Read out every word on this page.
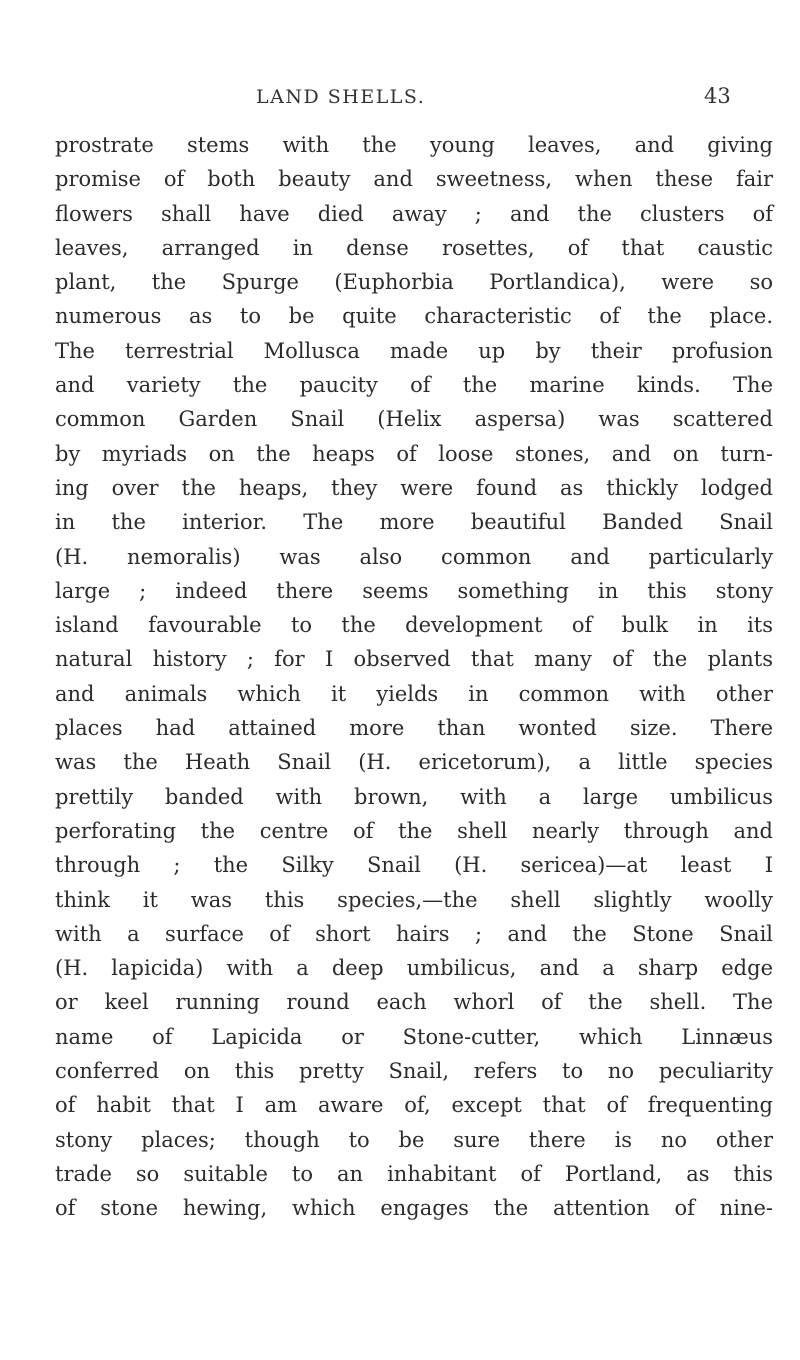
LAND SHELLS.	43
prostrate stems with the young leaves, and giving
promise of both beauty and sweetness, when these fair
flowers shall have died away ; and the clusters of
leaves, arranged in dense rosettes, of that caustic
plant, the Spurge (Euphorbia Portlandica), were so
numerous as to be quite characteristic of the place.
The terrestrial Mollusca made up by their profusion
and variety the paucity of the marine kinds. The
common Garden Snail (Helix aspersa) was scattered
by myriads on the heaps of loose stones, and on turn-
ing over the heaps, they were found as thickly lodged
in the interior. The more beautiful Banded Snail
(H. nemoralis) was also common and particularly
large ; indeed there seems something in this stony
island favourable to the development of bulk in its
natural history ; for I observed that many of the plants
and animals which it yields in common with other
places had attained more than wonted size. There
was the Heath Snail (H. ericetorum), a little species
prettily banded with brown, with a large umbilicus
perforating the centre of the shell nearly through and
through ; the Silky Snail (H. sericea)—at least I
think it was this species,—the shell slightly woolly
with a surface of short hairs ; and the Stone Snail
(H. lapicida) with a deep umbilicus, and a sharp edge
or keel running round each whorl of the shell. The
name of Lapicida or Stone-cutter, which Linnæus
conferred on this pretty Snail, refers to no peculiarity
of habit that I am aware of, except that of frequenting
stony places; though to be sure there is no other
trade so suitable to an inhabitant of Portland, as this
of stone hewing, which engages the attention of nine-
